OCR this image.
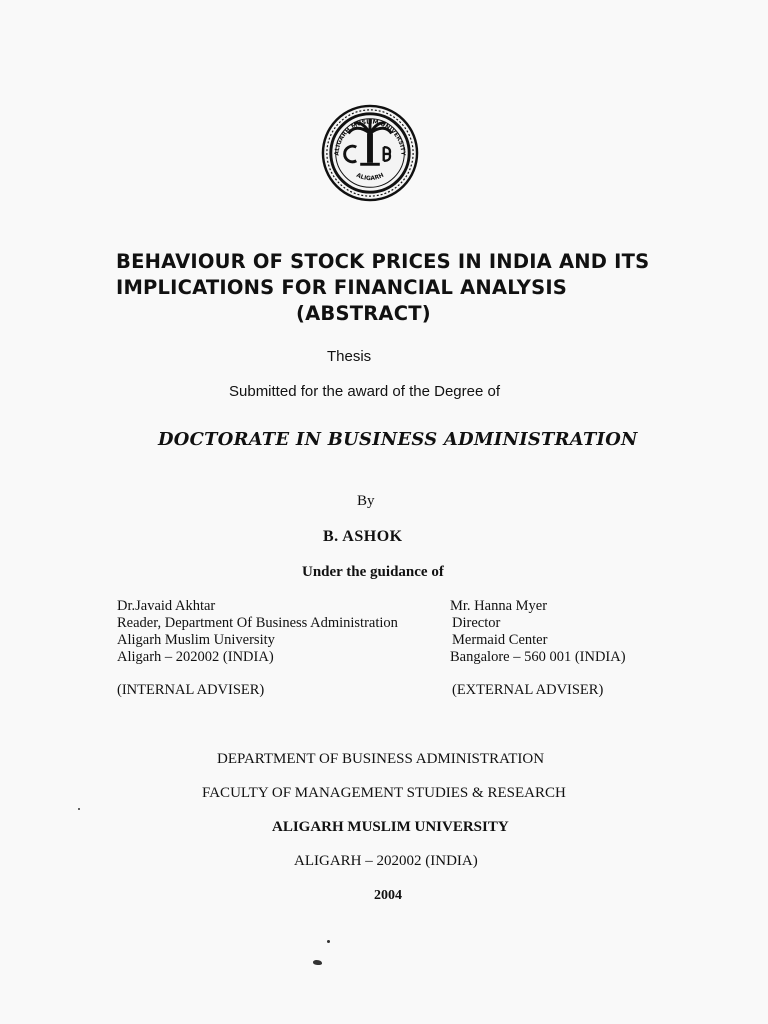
ALIGARH MUSLIM UNIVERSITY
ALIGARH
BEHAVIOUR OF STOCK PRICES IN INDIA AND ITS
IMPLICATIONS FOR FINANCIAL ANALYSIS
(ABSTRACT)
Thesis
Submitted for the award of the Degree of
DOCTORATE IN BUSINESS ADMINISTRATION
By
B. ASHOK
Under the guidance of
Dr.Javaid Akhtar
Reader, Department Of Business Administration
Aligarh Muslim University
Aligarh – 202002 (INDIA)
Mr. Hanna Myer
Director
Mermaid Center
Bangalore – 560 001 (INDIA)
(INTERNAL ADVISER)	(EXTERNAL ADVISER)
DEPARTMENT OF BUSINESS ADMINISTRATION
FACULTY OF MANAGEMENT STUDIES & RESEARCH
ALIGARH MUSLIM UNIVERSITY
ALIGARH – 202002 (INDIA)
2004
